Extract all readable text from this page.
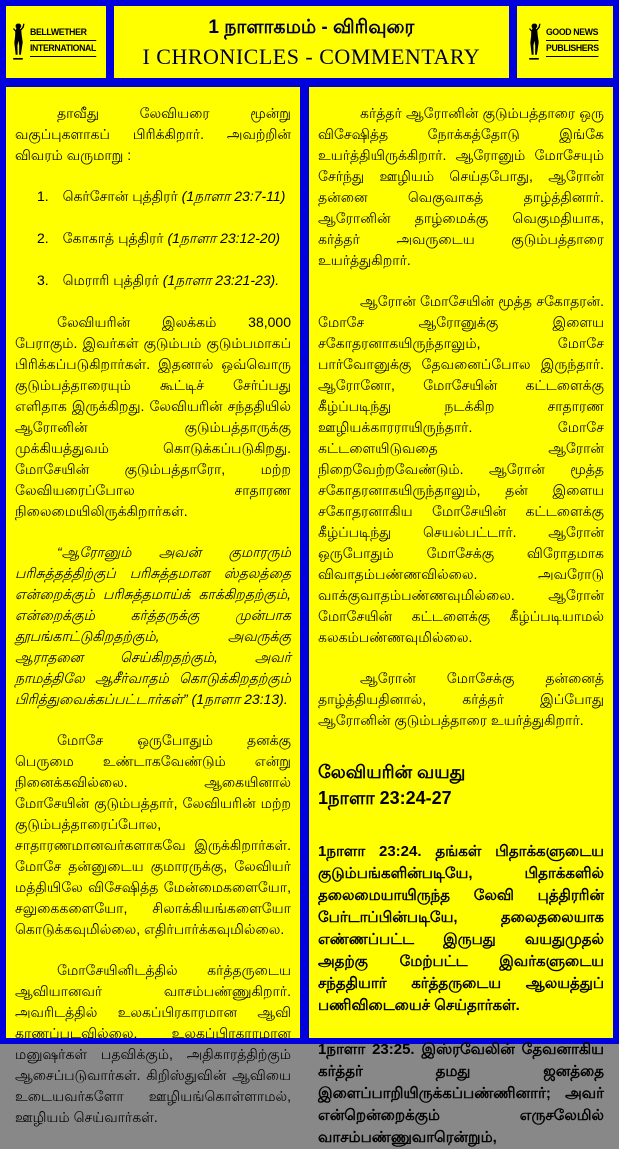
BELLWETHER
INTERNATIONAL
1 நாளாகமம் - விரிவுரை
I CHRONICLES - COMMENTARY
GOOD NEWS
PUBLISHERS

தாவீது லேவியரை மூன்று வகுப்புகளாகப் பிரிக்கிறார். அவற்றின் விவரம் வருமாறு :

1. கெர்சோன் புத்திரர் (1நாளா 23:7-11)
2. கோகாத் புத்திரர் (1நாளா 23:12-20)
3. மெராரி புத்திரர் (1நாளா 23:21-23).

லேவியரின் இலக்கம் 38,000 பேராகும். இவர்கள் குடும்பம் குடும்பமாகப் பிரிக்கப்படுகிறார்கள். இதனால் ஒவ்வொரு குடும்பத்தாரையும் கூட்டிச் சேர்ப்பது எளிதாக இருக்கிறது. லேவியரின் சந்ததியில் ஆரோனின் குடும்பத்தாருக்கு முக்கியத்துவம் கொடுக்கப்படுகிறது. மோசேயின் குடும்பத்தாரோ, மற்ற லேவியரைப்போல சாதாரண நிலைமையிலிருக்கிறார்கள்.

“ஆரோனும் அவன் குமாரரும் பரிசுத்தத்திற்குப் பரிசுத்தமான ஸ்தலத்தை என்றைக்கும் பரிசுத்தமாய்க் காக்கிறதற்கும், என்றைக்கும் கர்த்தருக்கு முன்பாக தூபங்காட்டுகிறதற்கும், அவருக்கு ஆராதனை செய்கிறதற்கும், அவர் நாமத்திலே ஆசீர்வாதம் கொடுக்கிறதற்கும் பிரித்துவைக்கப்பட்டார்கள்” (1நாளா 23:13).

மோசே ஒருபோதும் தனக்கு பெருமை உண்டாகவேண்டும் என்று நினைக்கவில்லை. ஆகையினால் மோசேயின் குடும்பத்தார், லேவியரின் மற்ற குடும்பத்தாரைப்போல, சாதாரணமானவர்களாகவே இருக்கிறார்கள். மோசே தன்னுடைய குமாரருக்கு, லேவியர் மத்தியிலே விசேஷித்த மேன்மைகளையோ, சலுகைகளையோ, சிலாக்கியங்களையோ கொடுக்கவுமில்லை, எதிர்பார்க்கவுமில்லை.

மோசேயினிடத்தில் கர்த்தருடைய ஆவியானவர் வாசம்பண்ணுகிறார். அவரிடத்தில் உலகப்பிரகாரமான ஆவி காணப்படவில்லை. உலகப்பிரகாரமான மனுஷர்கள் பதவிக்கும், அதிகாரத்திற்கும் ஆசைப்படுவார்கள். கிறிஸ்துவின் ஆவியை உடையவர்களோ ஊழியங்கொள்ளாமல், ஊழியம் செய்வார்கள்.

கர்த்தர் ஆரோனின் குடும்பத்தாரை ஒரு விசேஷித்த நோக்கத்தோடு இங்கே உயர்த்தியிருக்கிறார். ஆரோனும் மோசேயும் சேர்ந்து ஊழியம் செய்தபோது, ஆரோன் தன்னை வெகுவாகத் தாழ்த்தினார். ஆரோனின் தாழ்மைக்கு வெகுமதியாக, கர்த்தர் அவருடைய குடும்பத்தாரை உயர்த்துகிறார்.

ஆரோன் மோசேயின் மூத்த சகோதரன். மோசே ஆரோனுக்கு இளைய சகோதரனாகயிருந்தாலும், மோசே பார்வோனுக்கு தேவனைப்போல இருந்தார். ஆரோனோ, மோசேயின் கட்டளைக்கு கீழ்ப்படிந்து நடக்கிற சாதாரண ஊழியக்காரராயிருந்தார். மோசே கட்டளையிடுவதை ஆரோன் நிறைவேற்றவேண்டும். ஆரோன் மூத்த சகோதரனாகயிருந்தாலும், தன் இளைய சகோதரனாகிய மோசேயின் கட்டளைக்கு கீழ்ப்படிந்து செயல்பட்டார். ஆரோன் ஒருபோதும் மோசேக்கு விரோதமாக விவாதம்பண்ணவில்லை. அவரோடு வாக்குவாதம்பண்ணவுமில்லை. ஆரோன் மோசேயின் கட்டளைக்கு கீழ்ப்படியாமல் கலகம்பண்ணவுமில்லை.

ஆரோன் மோசேக்கு தன்னைத் தாழ்த்தியதினால், கர்த்தர் இப்போது ஆரோனின் குடும்பத்தாரை உயர்த்துகிறார்.

லேவியரின் வயது
1நாளா 23:24-27

1நாளா 23:24. தங்கள் பிதாக்களுடைய குடும்பங்களின்படியே, பிதாக்களில் தலைமையாயிருந்த லேவி புத்திரரின் பேர்டாப்பின்படியே, தலைதலையாக எண்ணப்பட்ட இருபது வயதுமுதல் அதற்கு மேற்பட்ட இவர்களுடைய சந்ததியார் கர்த்தருடைய ஆலயத்துப் பணிவிடையைச் செய்தார்கள்.

1நாளா 23:25. இஸ்ரவேலின் தேவனாகிய கர்த்தர் தமது ஜனத்தை இளைப்பாறியிருக்கப்பண்ணினார்; அவர் என்றென்றைக்கும் எருசலேமில் வாசம்பண்ணுவாரென்றும்,
